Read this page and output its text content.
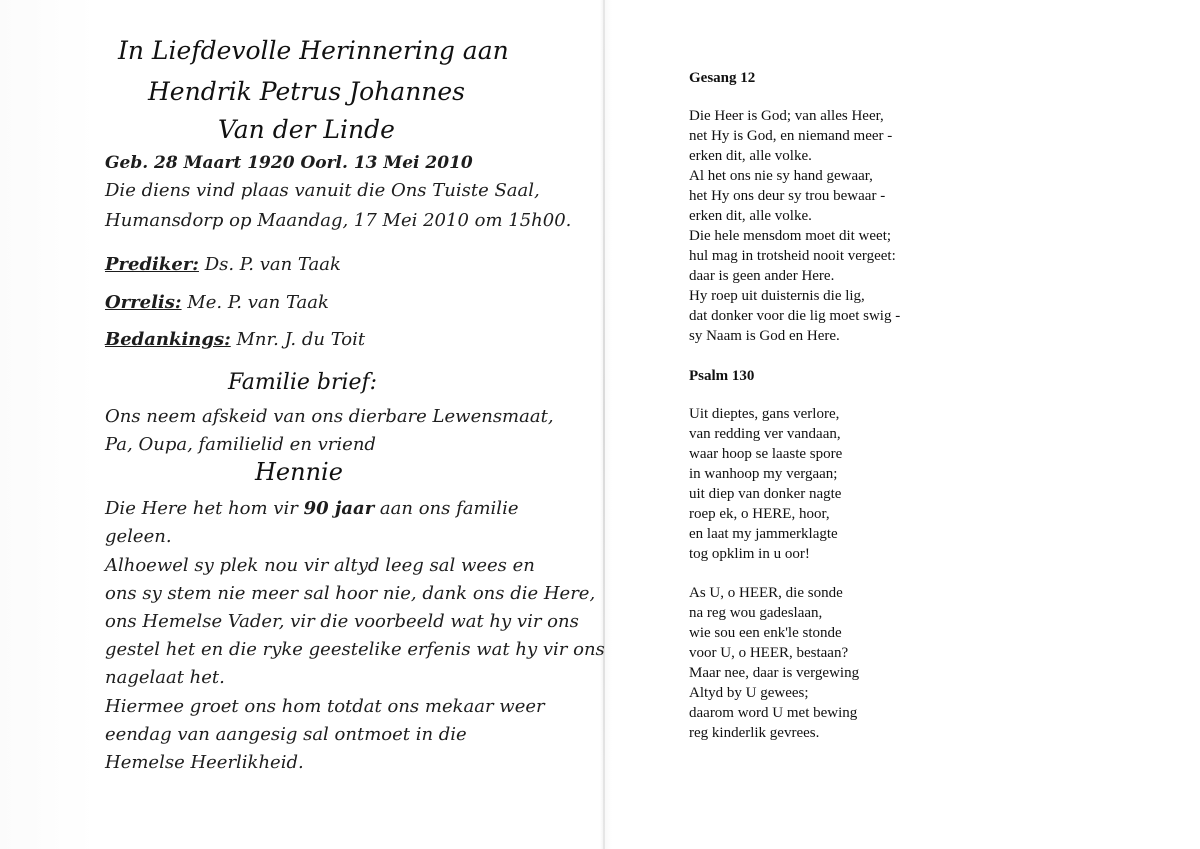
In Liefdevolle Herinnering aan
Hendrik Petrus Johannes
Van der Linde
Geb. 28 Maart 1920 Oorl. 13 Mei 2010
Die diens vind plaas vanuit die Ons Tuiste Saal,
Humansdorp op Maandag, 17 Mei 2010 om 15h00.
Prediker: Ds. P. van Taak
Orrelis: Me. P. van Taak
Bedankings: Mnr. J. du Toit
Familie brief:
Ons neem afskeid van ons dierbare Lewensmaat,
Pa, Oupa, familielid en vriend
Hennie
Die Here het hom vir 90 jaar aan ons familie
geleen.
Alhoewel sy plek nou vir altyd leeg sal wees en
ons sy stem nie meer sal hoor nie, dank ons die Here,
ons Hemelse Vader, vir die voorbeeld wat hy vir ons
gestel het en die ryke geestelike erfenis wat hy vir ons
nagelaat het.
Hiermee groet ons hom totdat ons mekaar weer
eendag van aangesig sal ontmoet in die
Hemelse Heerlikheid.
Gesang 12
Die Heer is God; van alles Heer,
net Hy is God, en niemand meer -
erken dit, alle volke.
Al het ons nie sy hand gewaar,
het Hy ons deur sy trou bewaar -
erken dit, alle volke.
Die hele mensdom moet dit weet;
hul mag in trotsheid nooit vergeet:
daar is geen ander Here.
Hy roep uit duisternis die lig,
dat donker voor die lig moet swig -
sy Naam is God en Here.
Psalm 130
Uit dieptes, gans verlore,
van redding ver vandaan,
waar hoop se laaste spore
in wanhoop my vergaan;
uit diep van donker nagte
roep ek, o HERE, hoor,
en laat my jammerklagte
tog opklim in u oor!
As U, o HEER, die sonde
na reg wou gadeslaan,
wie sou een enk'le stonde
voor U, o HEER, bestaan?
Maar nee, daar is vergewing
Altyd by U gewees;
daarom word U met bewing
reg kinderlik gevrees.
